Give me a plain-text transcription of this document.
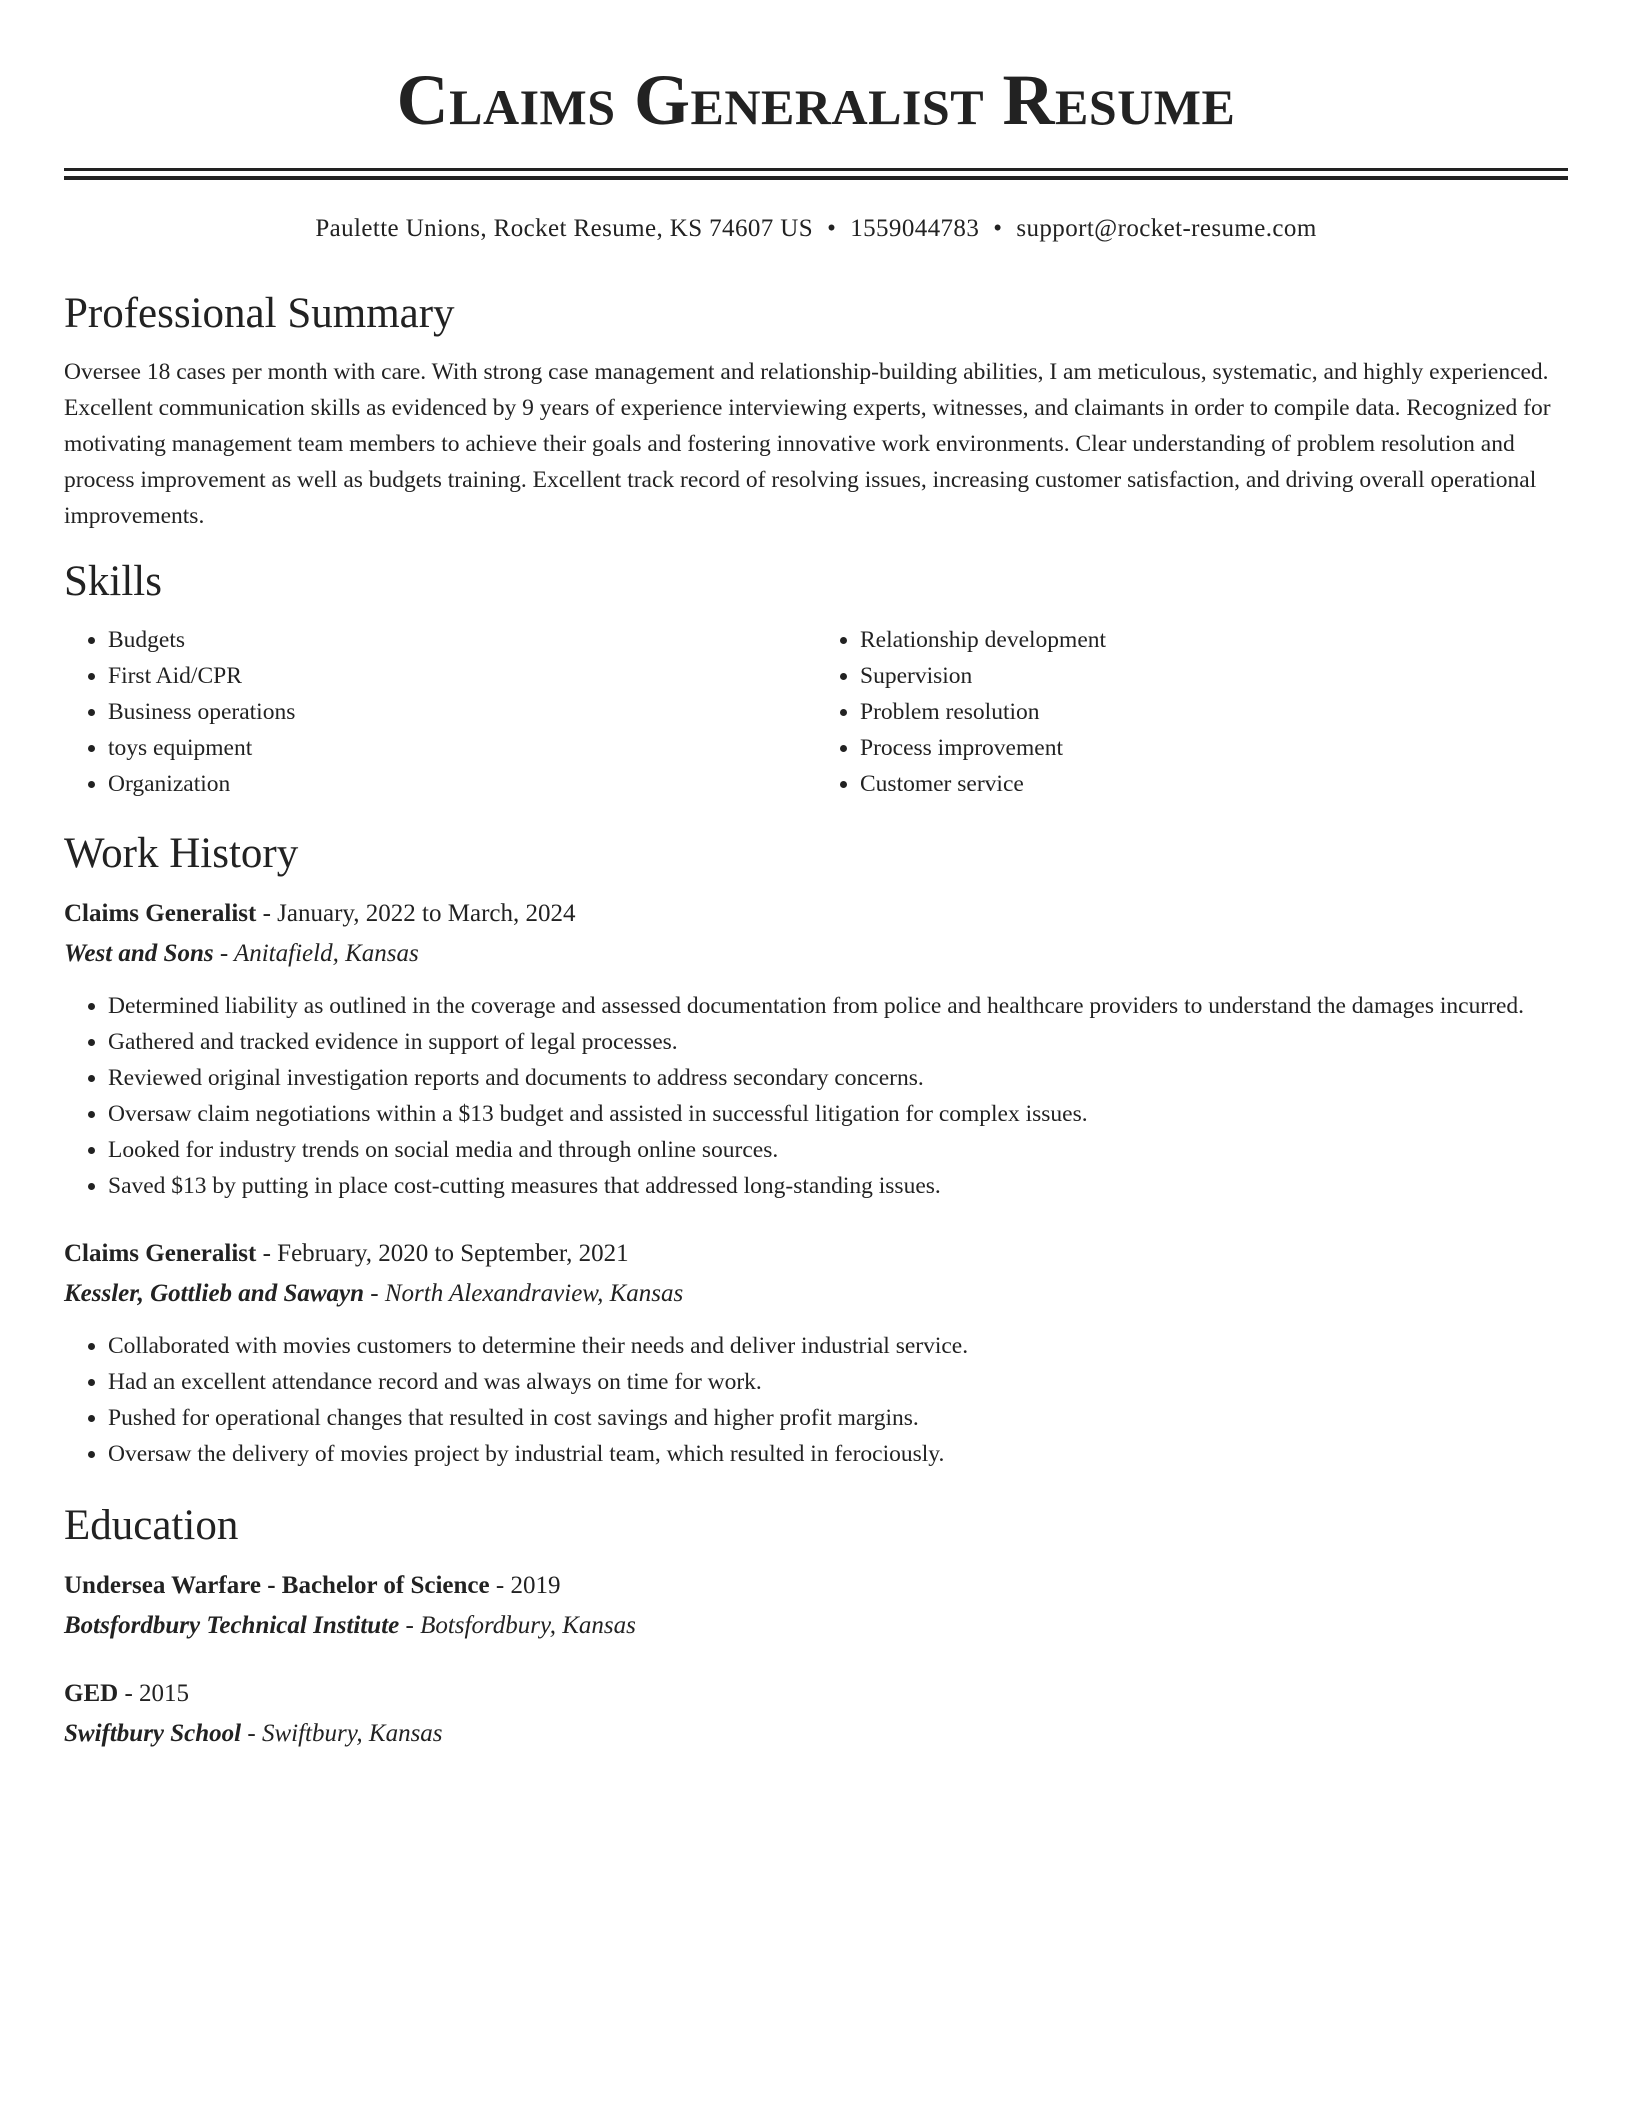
Claims Generalist Resume
Paulette Unions, Rocket Resume, KS 74607 US • 1559044783 • support@rocket-resume.com
Professional Summary
Oversee 18 cases per month with care. With strong case management and relationship-building abilities, I am meticulous, systematic, and highly experienced. Excellent communication skills as evidenced by 9 years of experience interviewing experts, witnesses, and claimants in order to compile data. Recognized for motivating management team members to achieve their goals and fostering innovative work environments. Clear understanding of problem resolution and process improvement as well as budgets training. Excellent track record of resolving issues, increasing customer satisfaction, and driving overall operational improvements.
Skills
• Budgets
• First Aid/CPR
• Business operations
• toys equipment
• Organization
• Relationship development
• Supervision
• Problem resolution
• Process improvement
• Customer service
Work History
Claims Generalist - January, 2022 to March, 2024
West and Sons - Anitafield, Kansas
• Determined liability as outlined in the coverage and assessed documentation from police and healthcare providers to understand the damages incurred.
• Gathered and tracked evidence in support of legal processes.
• Reviewed original investigation reports and documents to address secondary concerns.
• Oversaw claim negotiations within a $13 budget and assisted in successful litigation for complex issues.
• Looked for industry trends on social media and through online sources.
• Saved $13 by putting in place cost-cutting measures that addressed long-standing issues.
Claims Generalist - February, 2020 to September, 2021
Kessler, Gottlieb and Sawayn - North Alexandraview, Kansas
• Collaborated with movies customers to determine their needs and deliver industrial service.
• Had an excellent attendance record and was always on time for work.
• Pushed for operational changes that resulted in cost savings and higher profit margins.
• Oversaw the delivery of movies project by industrial team, which resulted in ferociously.
Education
Undersea Warfare - Bachelor of Science - 2019
Botsfordbury Technical Institute - Botsfordbury, Kansas
GED - 2015
Swiftbury School - Swiftbury, Kansas
